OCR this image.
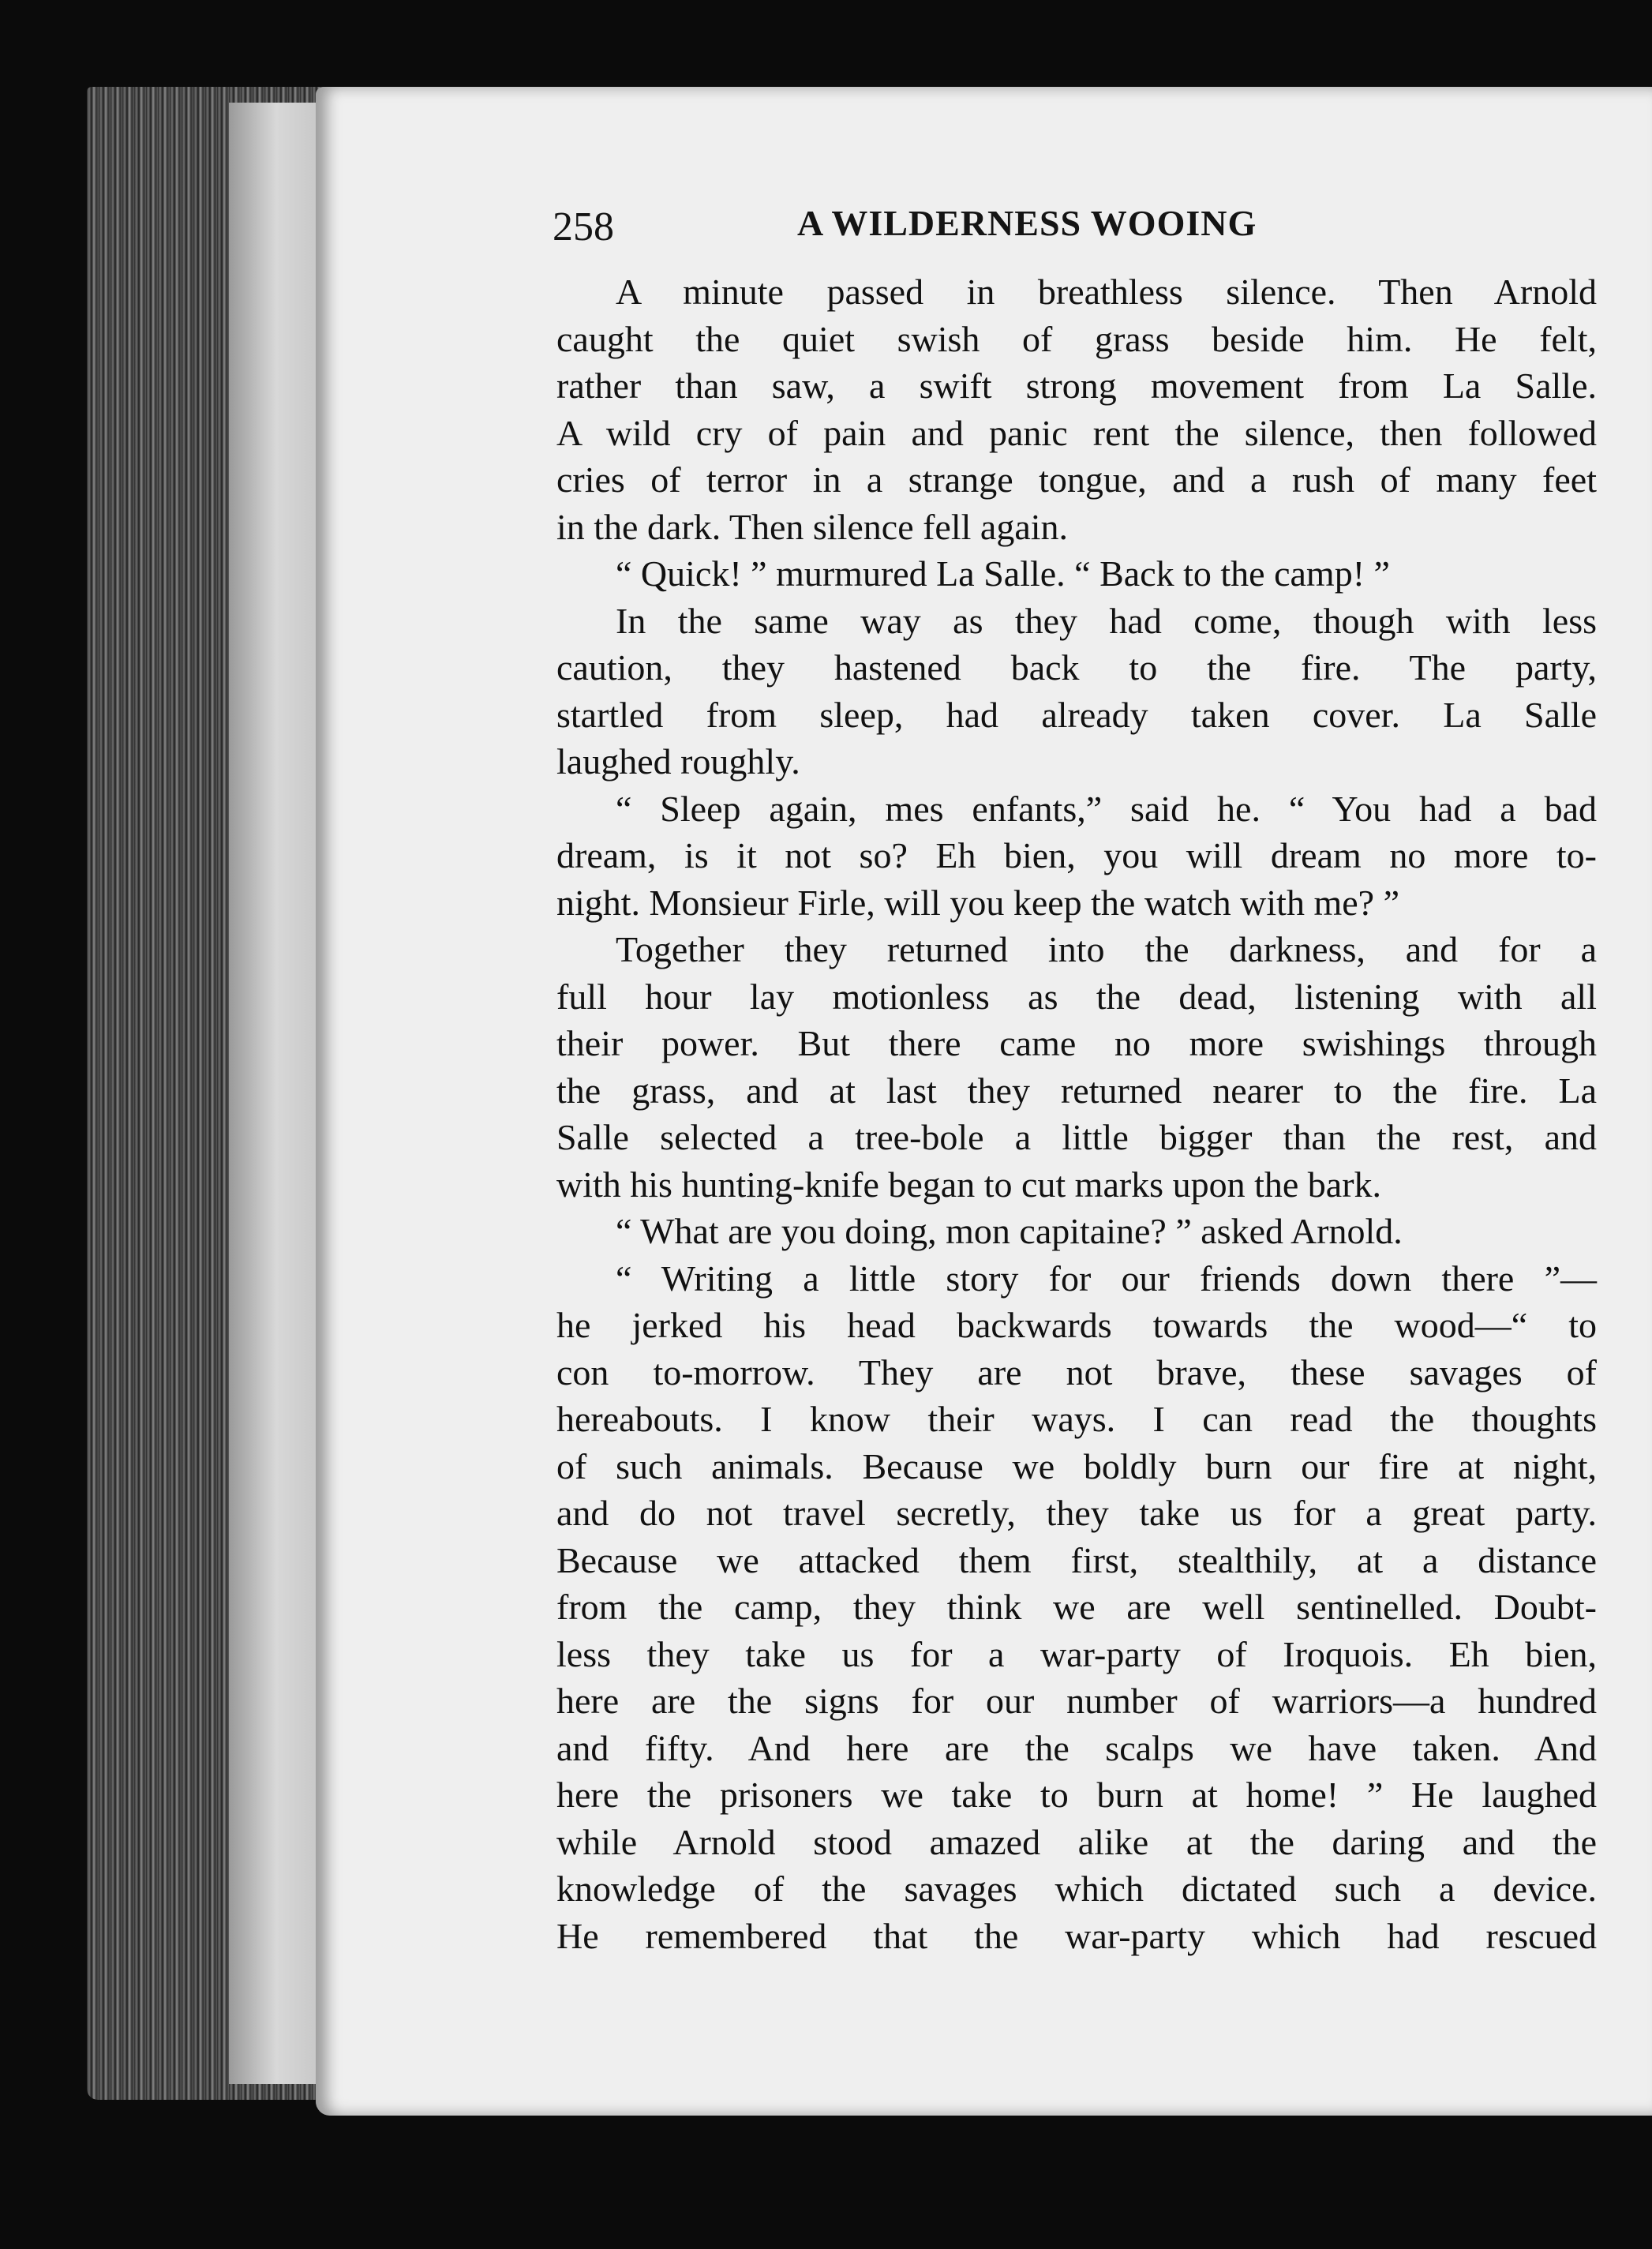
258	A WILDERNESS WOOING
A minute passed in breathless silence. Then Arnold
caught the quiet swish of grass beside him. He felt,
rather than saw, a swift strong movement from La Salle.
A wild cry of pain and panic rent the silence, then followed
cries of terror in a strange tongue, and a rush of many feet
in the dark. Then silence fell again.
“ Quick! ” murmured La Salle. “ Back to the camp! ”
In the same way as they had come, though with less
caution, they hastened back to the fire. The party,
startled from sleep, had already taken cover. La Salle
laughed roughly.
“ Sleep again, mes enfants,” said he. “ You had a bad
dream, is it not so? Eh bien, you will dream no more to-
night. Monsieur Firle, will you keep the watch with me? ”
Together they returned into the darkness, and for a
full hour lay motionless as the dead, listening with all
their power. But there came no more swishings through
the grass, and at last they returned nearer to the fire. La
Salle selected a tree-bole a little bigger than the rest, and
with his hunting-knife began to cut marks upon the bark.
“ What are you doing, mon capitaine? ” asked Arnold.
“ Writing a little story for our friends down there ”—
he jerked his head backwards towards the wood—“ to
con to-morrow. They are not brave, these savages of
hereabouts. I know their ways. I can read the thoughts
of such animals. Because we boldly burn our fire at night,
and do not travel secretly, they take us for a great party.
Because we attacked them first, stealthily, at a distance
from the camp, they think we are well sentinelled. Doubt-
less they take us for a war-party of Iroquois. Eh bien,
here are the signs for our number of warriors—a hundred
and fifty. And here are the scalps we have taken. And
here the prisoners we take to burn at home! ” He laughed
while Arnold stood amazed alike at the daring and the
knowledge of the savages which dictated such a device.
He remembered that the war-party which had rescued
